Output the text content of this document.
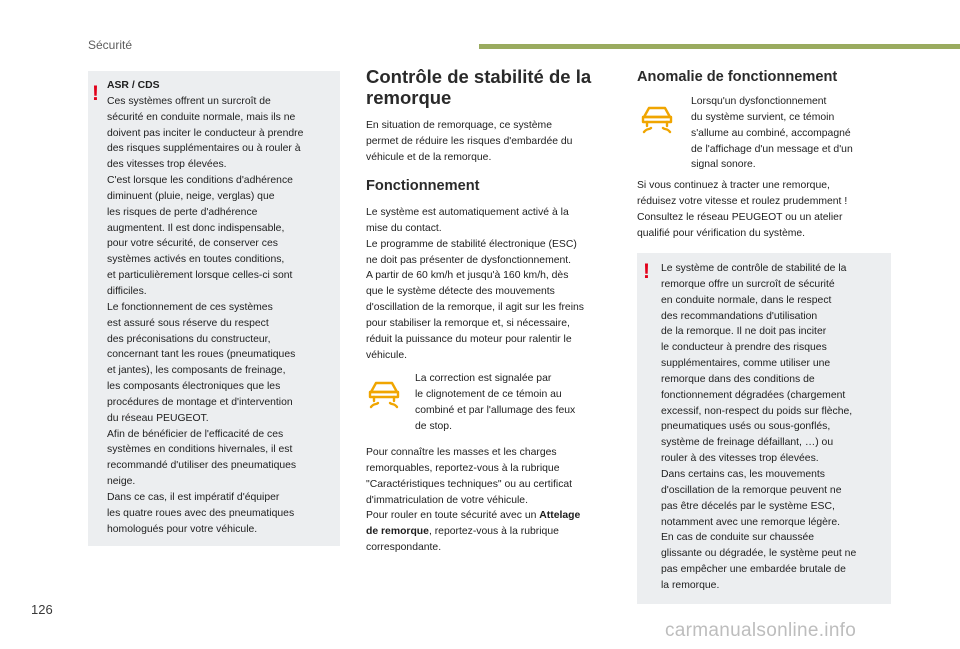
Sécurité
! ASR / CDS
Ces systèmes offrent un surcroît de
sécurité en conduite normale, mais ils ne
doivent pas inciter le conducteur à prendre
des risques supplémentaires ou à rouler à
des vitesses trop élevées.
C'est lorsque les conditions d'adhérence
diminuent (pluie, neige, verglas) que
les risques de perte d'adhérence
augmentent. Il est donc indispensable,
pour votre sécurité, de conserver ces
systèmes activés en toutes conditions,
et particulièrement lorsque celles-ci sont
difficiles.
Le fonctionnement de ces systèmes
est assuré sous réserve du respect
des préconisations du constructeur,
concernant tant les roues (pneumatiques
et jantes), les composants de freinage,
les composants électroniques que les
procédures de montage et d'intervention
du réseau PEUGEOT.
Afin de bénéficier de l'efficacité de ces
systèmes en conditions hivernales, il est
recommandé d'utiliser des pneumatiques
neige.
Dans ce cas, il est impératif d'équiper
les quatre roues avec des pneumatiques
homologués pour votre véhicule.
Contrôle de stabilité de la
remorque
En situation de remorquage, ce système
permet de réduire les risques d'embardée du
véhicule et de la remorque.
Fonctionnement
Le système est automatiquement activé à la
mise du contact.
Le programme de stabilité électronique (ESC)
ne doit pas présenter de dysfonctionnement.
A partir de 60 km/h et jusqu'à 160 km/h, dès
que le système détecte des mouvements
d'oscillation de la remorque, il agit sur les freins
pour stabiliser la remorque et, si nécessaire,
réduit la puissance du moteur pour ralentir le
véhicule.
La correction est signalée par
le clignotement de ce témoin au
combiné et par l'allumage des feux
de stop.
Pour connaître les masses et les charges
remorquables, reportez-vous à la rubrique
"Caractéristiques techniques" ou au certificat
d'immatriculation de votre véhicule.
Pour rouler en toute sécurité avec un Attelage
de remorque, reportez-vous à la rubrique
correspondante.
Anomalie de fonctionnement
Lorsqu'un dysfonctionnement
du système survient, ce témoin
s'allume au combiné, accompagné
de l'affichage d'un message et d'un
signal sonore.
Si vous continuez à tracter une remorque,
réduisez votre vitesse et roulez prudemment !
Consultez le réseau PEUGEOT ou un atelier
qualifié pour vérification du système.
! Le système de contrôle de stabilité de la
remorque offre un surcroît de sécurité
en conduite normale, dans le respect
des recommandations d'utilisation
de la remorque. Il ne doit pas inciter
le conducteur à prendre des risques
supplémentaires, comme utiliser une
remorque dans des conditions de
fonctionnement dégradées (chargement
excessif, non-respect du poids sur flèche,
pneumatiques usés ou sous-gonflés,
système de freinage défaillant, …) ou
rouler à des vitesses trop élevées.
Dans certains cas, les mouvements
d'oscillation de la remorque peuvent ne
pas être décelés par le système ESC,
notamment avec une remorque légère.
En cas de conduite sur chaussée
glissante ou dégradée, le système peut ne
pas empêcher une embardée brutale de
la remorque.
126
carmanualsonline.info
